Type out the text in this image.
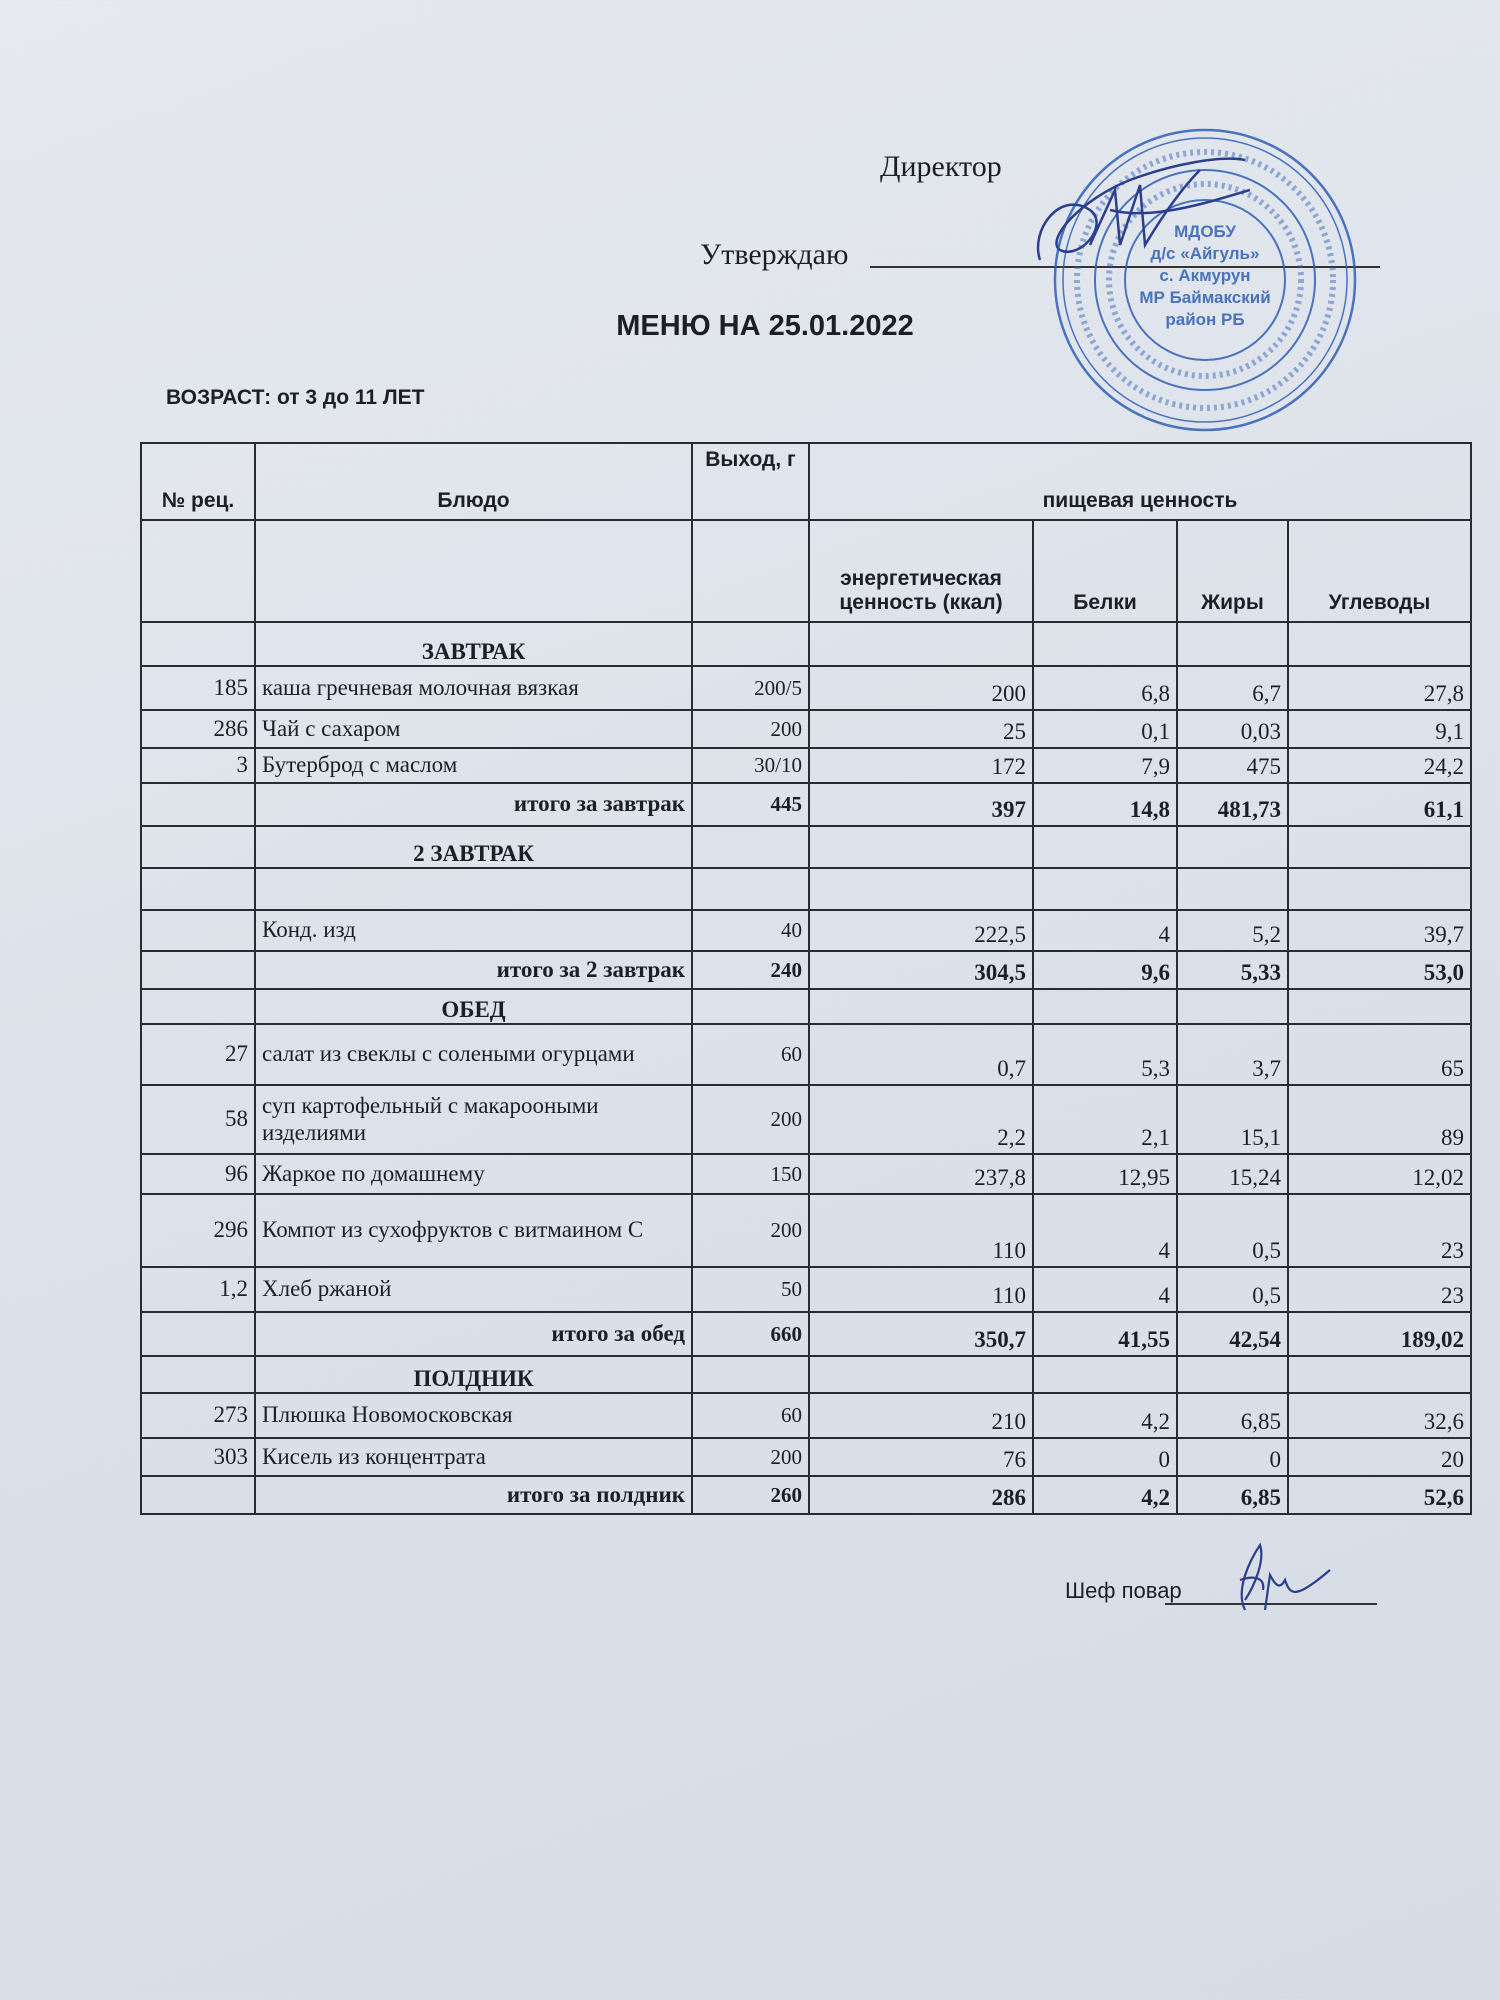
Директор
Утверждаю
МДОБУ
д/с «Айгуль»
с. Акмурун
МР Баймакский
район РБ
МЕНЮ НА 25.01.2022
ВОЗРАСТ: от 3 до 11 ЛЕТ
№ рец.	Блюдо	Выход, г	пищевая ценность			
			энергетическая ценность (ккал)	Белки	Жиры	Углеводы
	ЗАВТРАК					
185	каша гречневая молочная вязкая	200/5	200	6,8	6,7	27,8
286	Чай с сахаром	200	25	0,1	0,03	9,1
3	Бутерброд с маслом	30/10	172	7,9	475	24,2
	итого за завтрак	445	397	14,8	481,73	61,1
	2 ЗАВТРАК					

	Конд. изд	40	222,5	4	5,2	39,7
	итого за 2 завтрак	240	304,5	9,6	5,33	53,0
	ОБЕД					
27	салат из свеклы с солеными огурцами	60	0,7	5,3	3,7	65
58	суп картофельный с макарооными изделиями	200	2,2	2,1	15,1	89
96	Жаркое по домашнему	150	237,8	12,95	15,24	12,02
296	Компот из сухофруктов с витмаином С	200	110	4	0,5	23
1,2	Хлеб ржаной	50	110	4	0,5	23
	итого за обед	660	350,7	41,55	42,54	189,02
	ПОЛДНИК					
273	Плюшка Новомосковская	60	210	4,2	6,85	32,6
303	Кисель из концентрата	200	76	0	0	20
	итого за полдник	260	286	4,2	6,85	52,6
Шеф повар
